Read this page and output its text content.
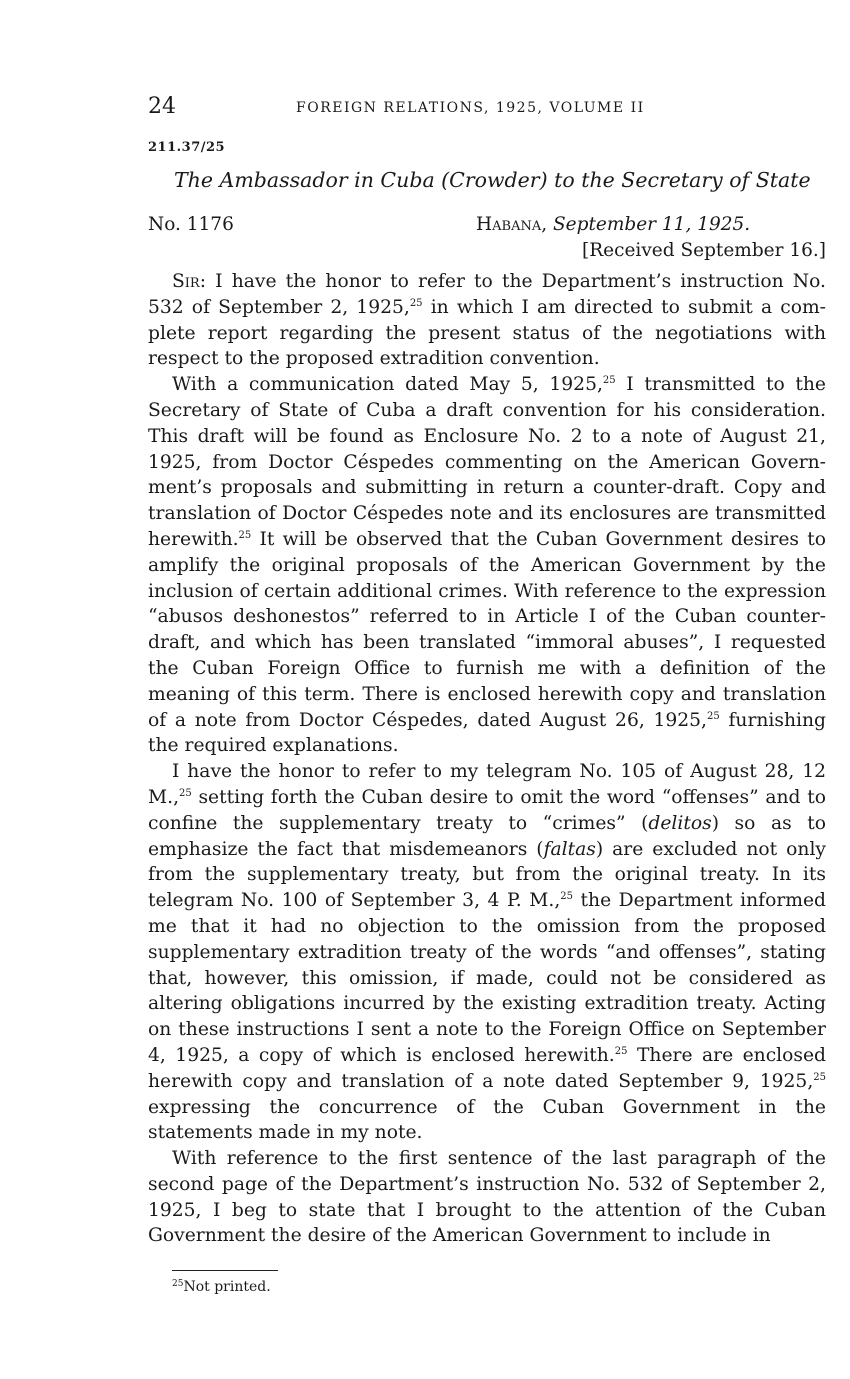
24	FOREIGN RELATIONS, 1925, VOLUME II
211.37/25
The Ambassador in Cuba (Crowder) to the Secretary of State
No. 1176	Habana, September 11, 1925.
[Received September 16.]

Sir: I have the honor to refer to the Department’s instruction No. 532 of September 2, 1925,25 in which I am directed to submit a complete report regarding the present status of the negotiations with respect to the proposed extradition convention.

With a communication dated May 5, 1925,25 I transmitted to the Secretary of State of Cuba a draft convention for his consideration. This draft will be found as Enclosure No. 2 to a note of August 21, 1925, from Doctor Céspedes commenting on the American Government’s proposals and submitting in return a counter-draft. Copy and translation of Doctor Céspedes note and its enclosures are transmitted herewith.$^{25}$ It will be observed that the Cuban Government desires to amplify the original proposals of the American Government by the inclusion of certain additional crimes. With reference to the expression “abusos deshonestos” referred to in Article I of the Cuban counter-draft, and which has been translated “immoral abuses”, I requested the Cuban Foreign Office to furnish me with a definition of the meaning of this term. There is enclosed herewith copy and translation of a note from Doctor Céspedes, dated August 26, 1925,25 furnishing the required explanations.

I have the honor to refer to my telegram No. 105 of August 28, 12 M.,$^{25}$ setting forth the Cuban desire to omit the word “offenses” and to confine the supplementary treaty to “crimes” (delitos) so as to emphasize the fact that misdemeanors (faltas) are excluded not only from the supplementary treaty, but from the original treaty. In its telegram No. 100 of September 3, 4 P. M.,$^{25}$ the Department informed me that it had no objection to the omission from the proposed supplementary extradition treaty of the words “and offenses”, stating that, however, this omission, if made, could not be considered as altering obligations incurred by the existing extradition treaty. Acting on these instructions I sent a note to the Foreign Office on September 4, 1925, a copy of which is enclosed herewith.$^{25}$ There are enclosed herewith copy and translation of a note dated September 9, 1925,25 expressing the concurrence of the Cuban Government in the statements made in my note.

With reference to the first sentence of the last paragraph of the second page of the Department’s instruction No. 532 of September 2, 1925, I beg to state that I brought to the attention of the Cuban Government the desire of the American Government to include in

$^{25}$Not printed.
